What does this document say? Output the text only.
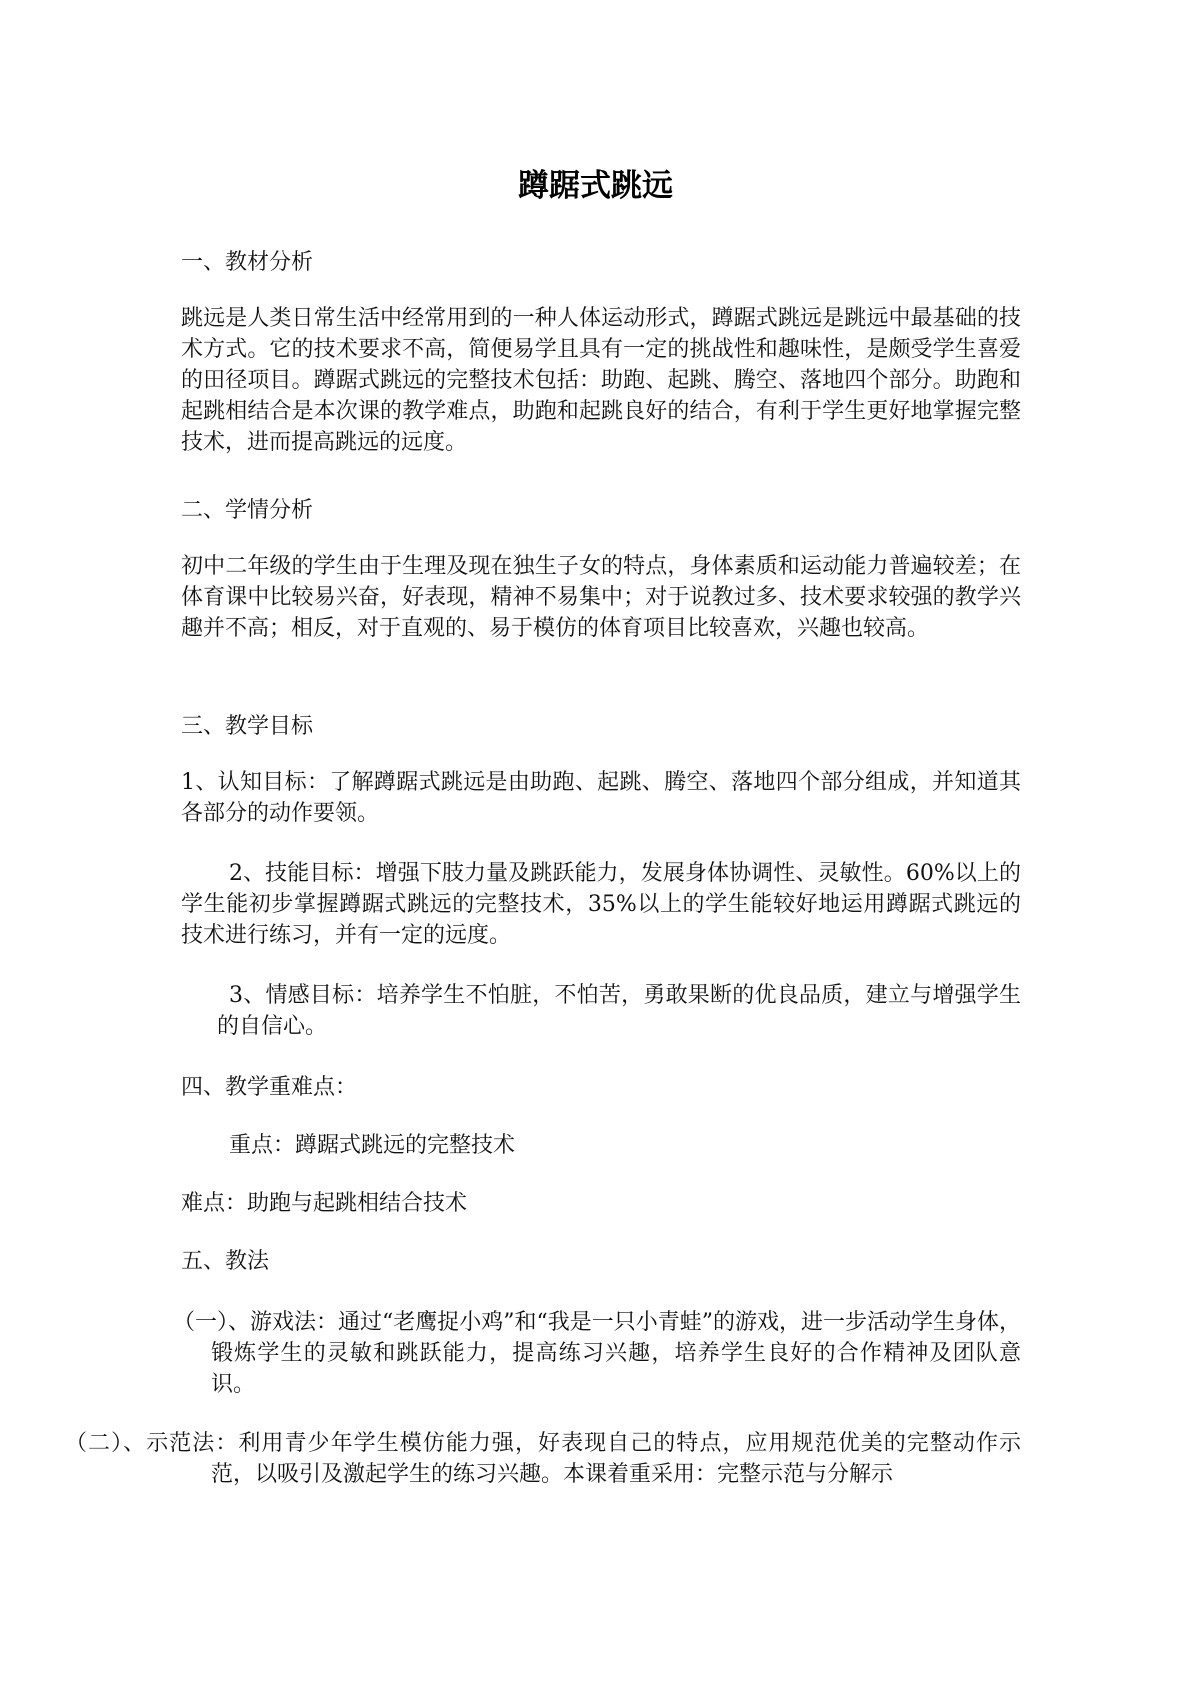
蹲踞式跳远

一、教材分析

跳远是人类日常生活中经常用到的一种人体运动形式，蹲踞式跳远是跳远中最基础的技术方式。它的技术要求不高，简便易学且具有一定的挑战性和趣味性，是颇受学生喜爱的田径项目。蹲踞式跳远的完整技术包括：助跑、起跳、腾空、落地四个部分。助跑和起跳相结合是本次课的教学难点，助跑和起跳良好的结合，有利于学生更好地掌握完整技术，进而提高跳远的远度。

二、学情分析

初中二年级的学生由于生理及现在独生子女的特点，身体素质和运动能力普遍较差；在体育课中比较易兴奋，好表现，精神不易集中；对于说教过多、技术要求较强的教学兴趣并不高；相反，对于直观的、易于模仿的体育项目比较喜欢，兴趣也较高。

三、教学目标

1、认知目标：了解蹲踞式跳远是由助跑、起跳、腾空、落地四个部分组成，并知道其各部分的动作要领。

2、技能目标：增强下肢力量及跳跃能力，发展身体协调性、灵敏性。60%以上的学生能初步掌握蹲踞式跳远的完整技术，35%以上的学生能较好地运用蹲踞式跳远的技术进行练习，并有一定的远度。

3、情感目标：培养学生不怕脏，不怕苦，勇敢果断的优良品质，建立与增强学生的自信心。

四、教学重难点：

重点：蹲踞式跳远的完整技术

难点：助跑与起跳相结合技术

五、教法

（一）、游戏法：通过“老鹰捉小鸡”和“我是一只小青蛙”的游戏，进一步活动学生身体，锻炼学生的灵敏和跳跃能力，提高练习兴趣，培养学生良好的合作精神及团队意识。

（二）、示范法：利用青少年学生模仿能力强，好表现自己的特点，应用规范优美的完整动作示范，以吸引及激起学生的练习兴趣。本课着重采用：完整示范与分解示
